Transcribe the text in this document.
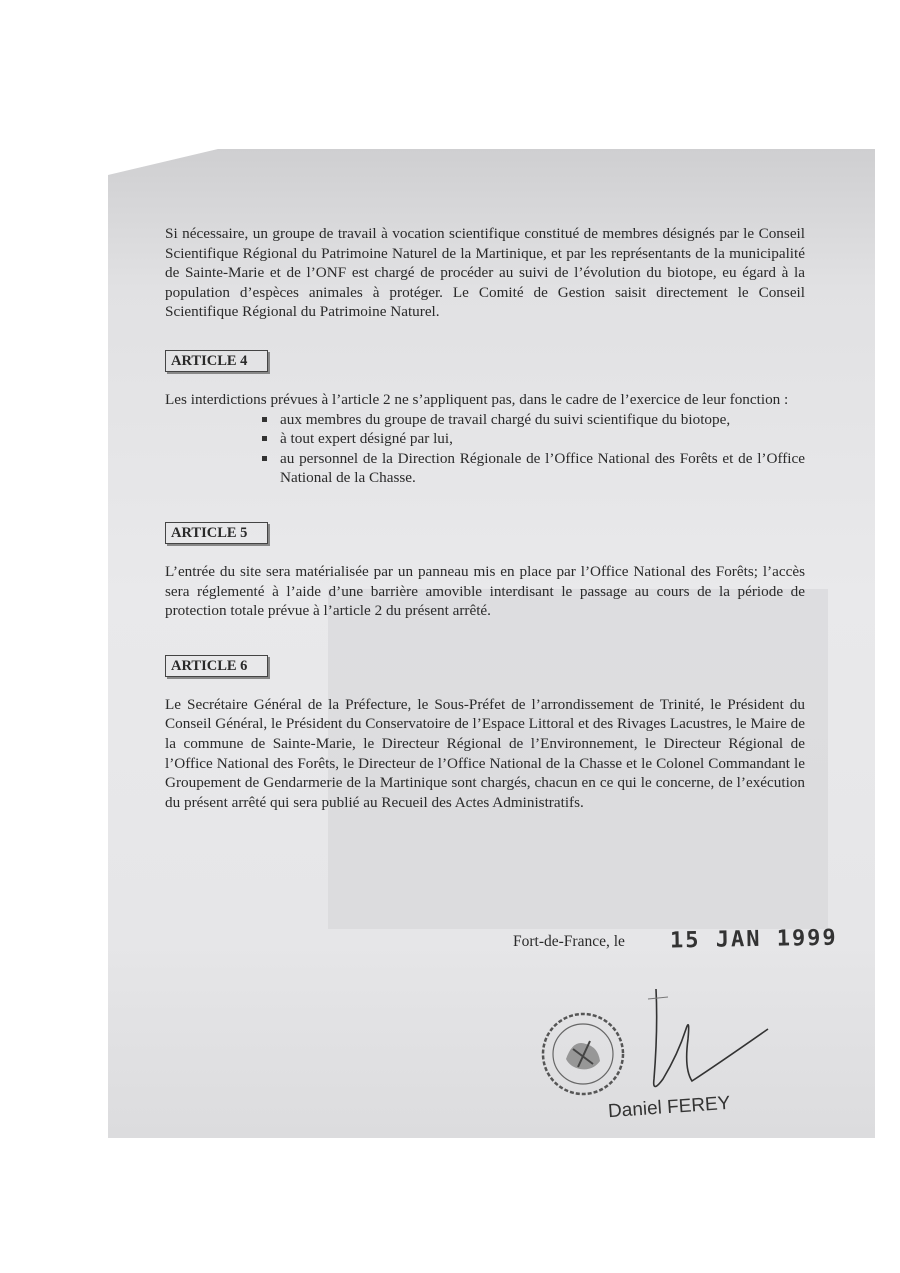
Si nécessaire, un groupe de travail à vocation scientifique constitué de membres désignés par le Conseil Scientifique Régional du Patrimoine Naturel de la Martinique, et par les représentants de la municipalité de Sainte-Marie et de l’ONF est chargé de procéder au suivi de l’évolution du biotope, eu égard à la population d’espèces animales à protéger. Le Comité de Gestion saisit directement le Conseil Scientifique Régional du Patrimoine Naturel.

ARTICLE 4

Les interdictions prévues à l’article 2 ne s’appliquent pas, dans le cadre de l’exercice de leur fonction :

aux membres du groupe de travail chargé du suivi scientifique du biotope,
à tout expert désigné par lui,
au personnel de la Direction Régionale de l’Office National des Forêts et de l’Office National de la Chasse.
ARTICLE 5

L’entrée du site sera matérialisée par un panneau mis en place par l’Office National des Forêts; l’accès sera réglementé à l’aide d’une barrière amovible interdisant le passage au cours de la période de protection totale prévue à l’article 2 du présent arrêté.

ARTICLE 6

Le Secrétaire Général de la Préfecture, le Sous-Préfet de l’arrondissement de Trinité, le Président du Conseil Général, le Président du Conservatoire de l’Espace Littoral et des Rivages Lacustres, le Maire de la commune de Sainte-Marie, le Directeur Régional de l’Environnement, le Directeur Régional de l’Office National des Forêts, le Directeur de l’Office National de la Chasse et le Colonel Commandant le Groupement de Gendarmerie de la Martinique sont chargés, chacun en ce qui le concerne, de l’exécution du présent arrêté qui sera publié au Recueil des Actes Administratifs.

Fort-de-France, le 15 JAN 1999

Daniel FEREY
